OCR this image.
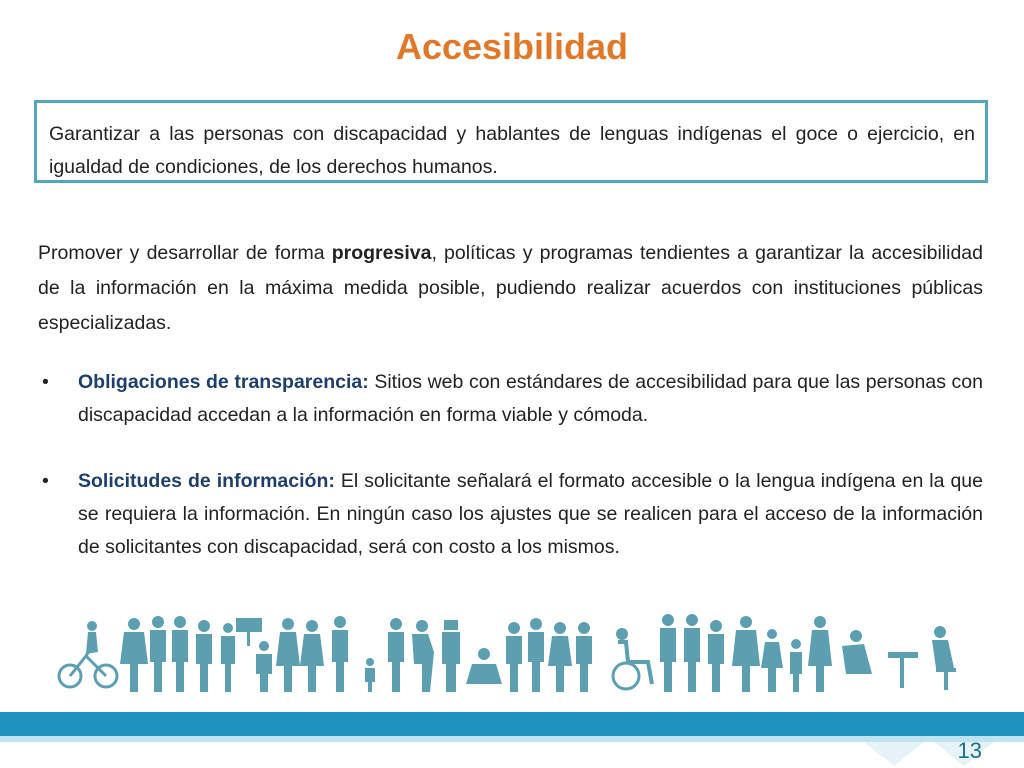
Accesibilidad

Garantizar a las personas con discapacidad y hablantes de lenguas indígenas el goce o ejercicio, en igualdad de condiciones, de los derechos humanos.

Promover y desarrollar de forma progresiva, políticas y programas tendientes a garantizar la accesibilidad de la información en la máxima medida posible, pudiendo realizar acuerdos con instituciones públicas especializadas.

• Obligaciones de transparencia: Sitios web con estándares de accesibilidad para que las personas con discapacidad accedan a la información en forma viable y cómoda.
• Solicitudes de información: El solicitante señalará el formato accesible o la lengua indígena en la que se requiera la información. En ningún caso los ajustes que se realicen para el acceso de la información de solicitantes con discapacidad, será con costo a los mismos.
13
